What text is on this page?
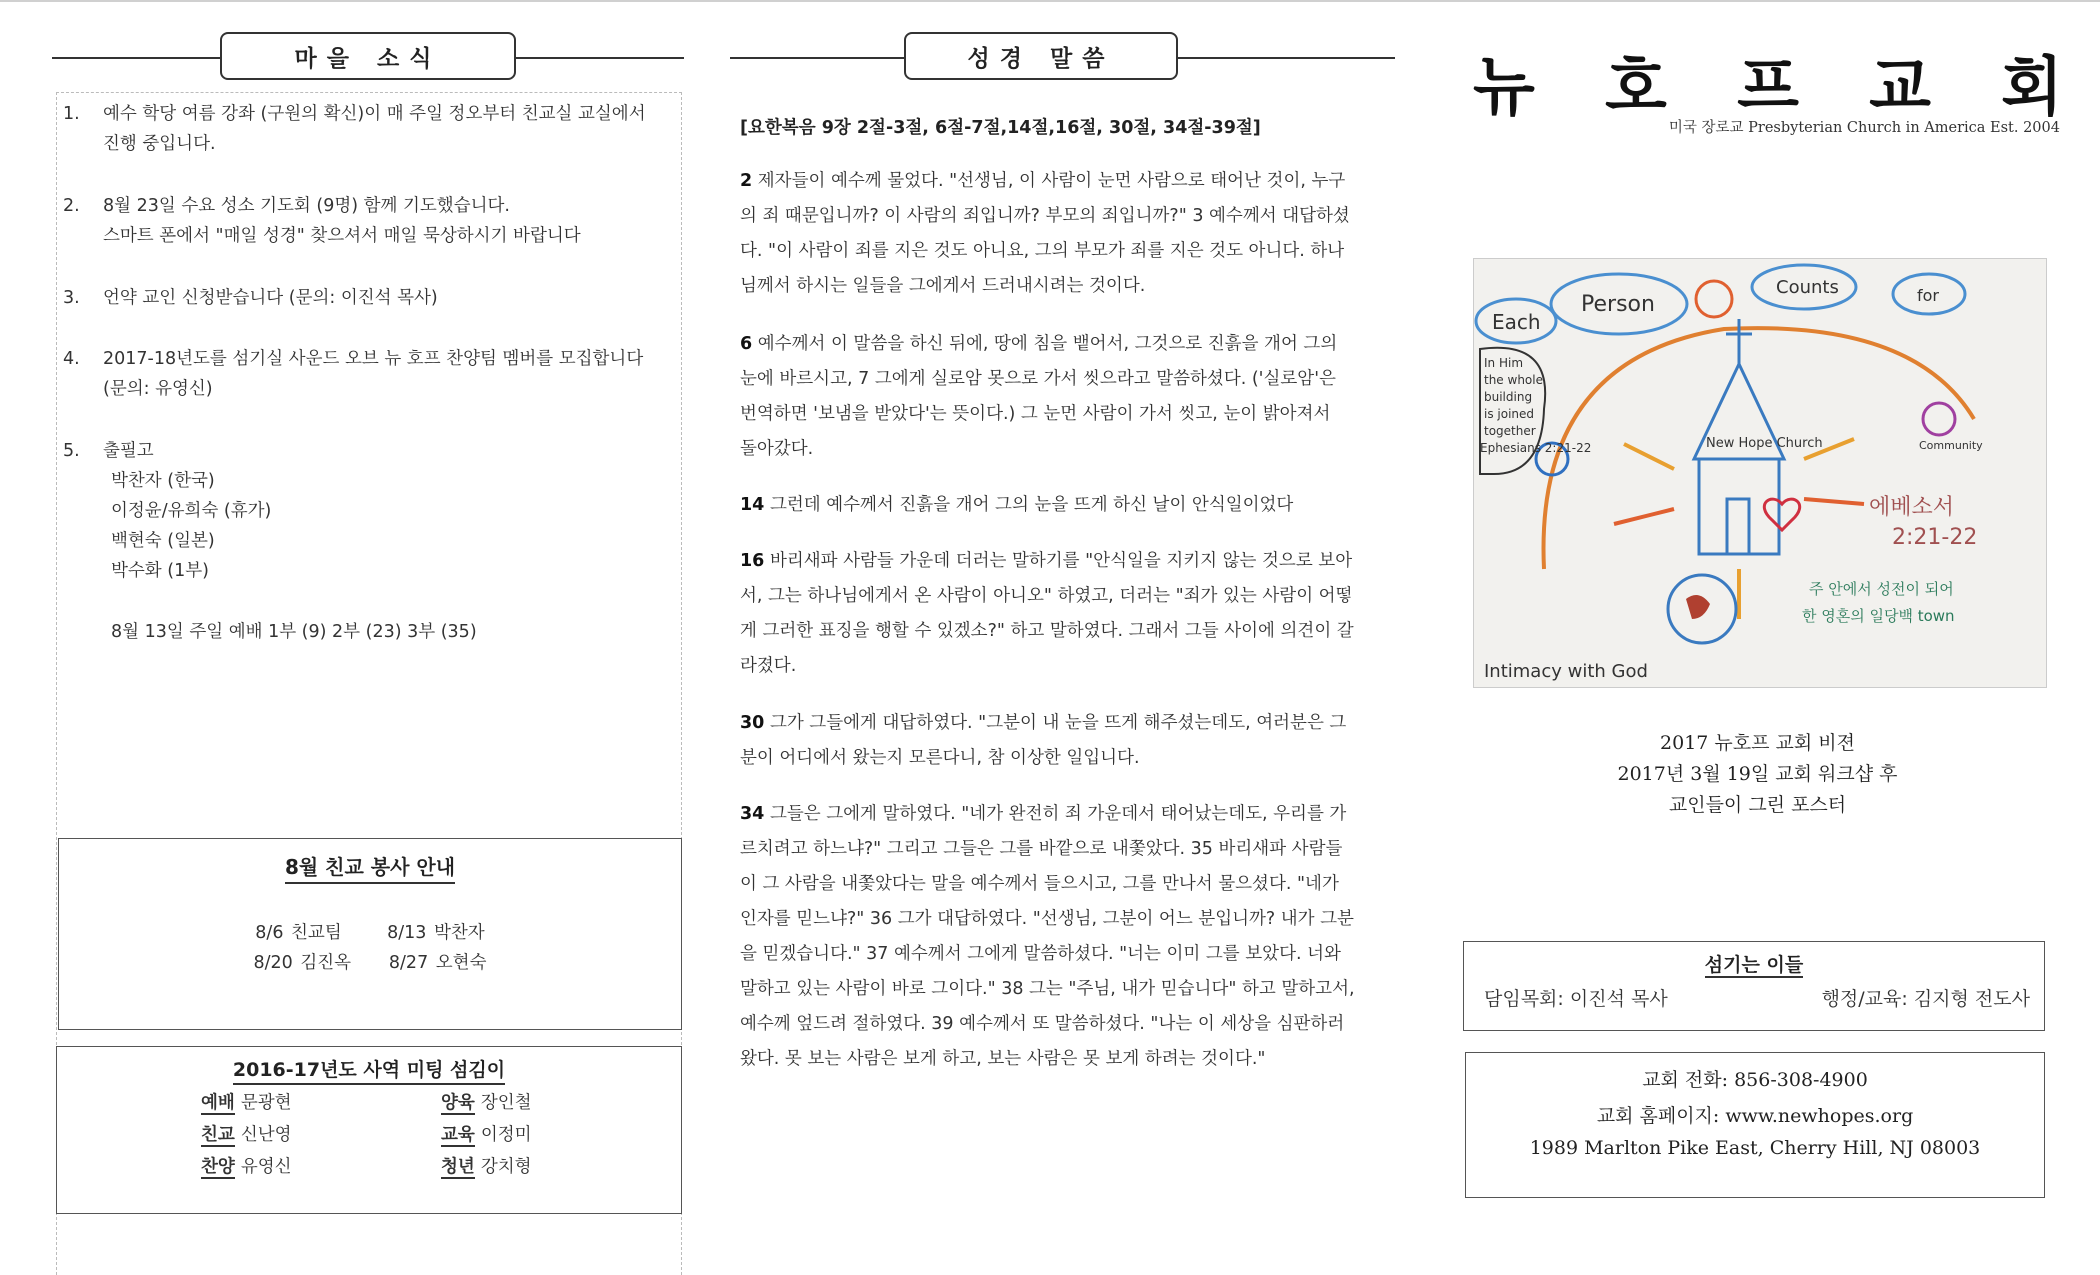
마을 소식
1. 예수 학당 여름 강좌 (구원의 확신)이 매 주일 정오부터 친교실 교실에서
진행 중입니다.
2. 8월 23일 수요 성소 기도회 (9명) 함께 기도했습니다.
스마트 폰에서 "매일 성경" 찾으셔서 매일 묵상하시기 바랍니다
3. 언약 교인 신청받습니다 (문의: 이진석 목사)
4. 2017-18년도를 섬기실 사운드 오브 뉴 호프 찬양팀 멤버를 모집합니다
(문의: 유영신)
5. 출필고
박찬자 (한국)
이정윤/유희숙 (휴가)
백현숙 (일본)
박수화 (1부)
8월 13일 주일 예배 1부 (9) 2부 (23) 3부 (35)
8월 친교 봉사 안내
8/6 친교팀      8/13 박찬자
8/20 김진옥     8/27 오현숙
2016-17년도 사역 미팅 섬김이
예배 문광현	양육 장인철
친교 신난영	교육 이정미
찬양 유영신	청년 강치형
성경 말씀
[요한복음 9장 2절-3절, 6절-7절,14절,16절, 30절, 34절-39절]
2 제자들이 예수께 물었다. "선생님, 이 사람이 눈먼 사람으로 태어난 것이, 누구
의 죄 때문입니까? 이 사람의 죄입니까? 부모의 죄입니까?" 3 예수께서 대답하셨
다. "이 사람이 죄를 지은 것도 아니요, 그의 부모가 죄를 지은 것도 아니다. 하나
님께서 하시는 일들을 그에게서 드러내시려는 것이다.
6 예수께서 이 말씀을 하신 뒤에, 땅에 침을 뱉어서, 그것으로 진흙을 개어 그의
눈에 바르시고, 7 그에게 실로암 못으로 가서 씻으라고 말씀하셨다. ('실로암'은
번역하면 '보냄을 받았다'는 뜻이다.) 그 눈먼 사람이 가서 씻고, 눈이 밝아져서
돌아갔다.
14 그런데 예수께서 진흙을 개어 그의 눈을 뜨게 하신 날이 안식일이었다
16 바리새파 사람들 가운데 더러는 말하기를 "안식일을 지키지 않는 것으로 보아
서, 그는 하나님에게서 온 사람이 아니오" 하였고, 더러는 "죄가 있는 사람이 어떻
게 그러한 표징을 행할 수 있겠소?" 하고 말하였다. 그래서 그들 사이에 의견이 갈
라졌다.
30 그가 그들에게 대답하였다. "그분이 내 눈을 뜨게 해주셨는데도, 여러분은 그
분이 어디에서 왔는지 모른다니, 참 이상한 일입니다.
34 그들은 그에게 말하였다. "네가 완전히 죄 가운데서 태어났는데도, 우리를 가
르치려고 하느냐?" 그리고 그들은 그를 바깥으로 내쫓았다. 35 바리새파 사람들
이 그 사람을 내쫓았다는 말을 예수께서 들으시고, 그를 만나서 물으셨다. "네가
인자를 믿느냐?" 36 그가 대답하였다. "선생님, 그분이 어느 분입니까? 내가 그분
을 믿겠습니다." 37 예수께서 그에게 말씀하셨다. "너는 이미 그를 보았다. 너와
말하고 있는 사람이 바로 그이다." 38 그는 "주님, 내가 믿습니다" 하고 말하고서,
예수께 엎드려 절하였다. 39 예수께서 또 말씀하셨다. "나는 이 세상을 심판하러
왔다. 못 보는 사람은 보게 하고, 보는 사람은 못 보게 하려는 것이다."
뉴 호 프 교 회
미국 장로교 Presbyterian Church in America Est. 2004
Each
Person
Counts	for
New Hope Church
In Him the whole building is joined together Ephesians 2:21-22
에베소서 2:21-22
주 안에서 성전이 되어
한 영혼의 일당백 town
Intimacy with God
Community
2017 뉴호프 교회 비젼
2017년 3월 19일 교회 워크샵 후
교인들이 그린 포스터
섬기는 이들
담임목회: 이진석 목사	행정/교육: 김지형 전도사
교회 전화: 856-308-4900
교회 홈페이지: www.newhopes.org
1989 Marlton Pike East, Cherry Hill, NJ 08003
